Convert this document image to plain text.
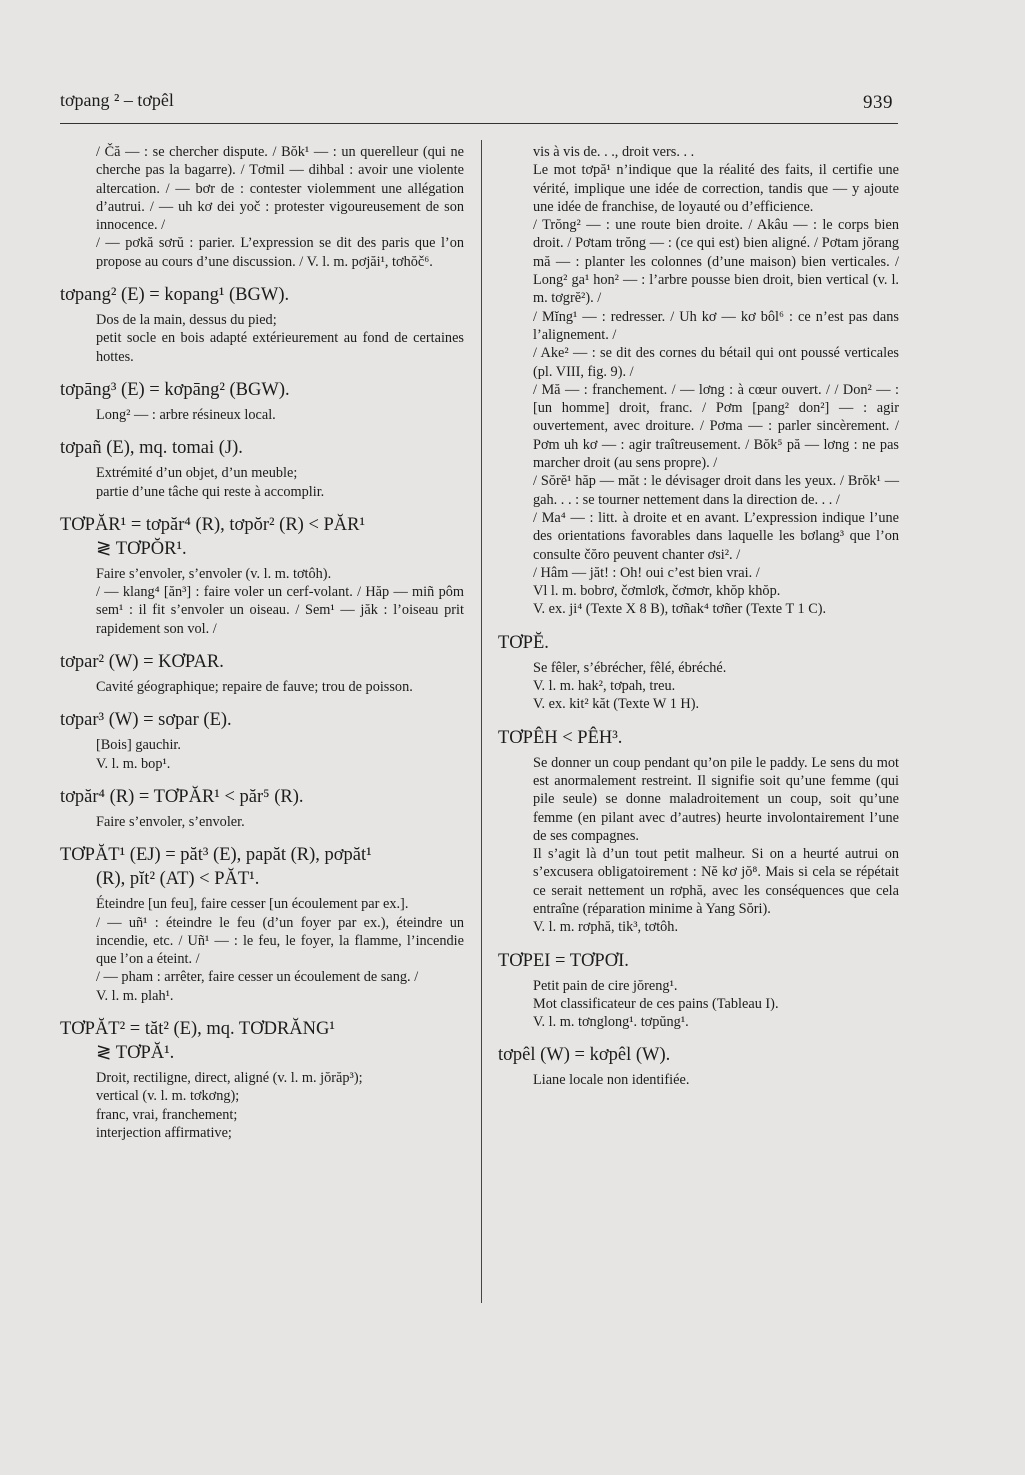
tơpang ² – tơpêl	939

/ Čă — : se chercher dispute. / Bŏk¹ — : un querelleur (qui ne cherche pas la bagarre). / Tơmil — dihbal : avoir une violente altercation. / — bơr de : contester violemment une allégation d’autrui. / — uh kơ dei yoč : protester vigoureusement de son innocence. /

/ — pơkă sơrŭ : parier. L’expression se dit des paris que l’on propose au cours d’une discussion. / V. l. m. pơjăi¹, tơhŏč⁶.

tơpang² (E) = kopang¹ (BGW).

Dos de la main, dessus du pied;

petit socle en bois adapté extérieurement au fond de certaines hottes.

tơpāng³ (E) = kơpāng² (BGW).

Long² — : arbre résineux local.

tơpañ (E), mq. tomai (J).

Extrémité d’un objet, d’un meuble;

partie d’une tâche qui reste à accomplir.

TƠPĂR¹ = tơpăr⁴ (R), tơpŏr² (R) < PĂR¹
≷ TƠPŎR¹.

Faire s’envoler, s’envoler (v. l. m. tơtôh).

/ — klang⁴ [ăn³] : faire voler un cerf-volant. / Hăp — miñ pôm sem¹ : il fit s’envoler un oiseau. / Sem¹ — jăk : l’oiseau prit rapidement son vol. /

tơpar² (W) = KƠPAR.

Cavité géographique; repaire de fauve; trou de poisson.

tơpar³ (W) = sơpar (E).

[Bois] gauchir.

V. l. m. bop¹.

tơpăr⁴ (R) = TƠPĂR¹ < păr⁵ (R).

Faire s’envoler, s’envoler.

TƠPĂT¹ (EJ) = păt³ (E), papăt (R), pơpăt¹
(R), pĭt² (AT) < PĂT¹.

Éteindre [un feu], faire cesser [un écoulement par ex.].

/ — uñ¹ : éteindre le feu (d’un foyer par ex.), éteindre un incendie, etc. / Uñ¹ — : le feu, le foyer, la flamme, l’incendie que l’on a éteint. /

/ — pham : arrêter, faire cesser un écoulement de sang. /

V. l. m. plah¹.

TƠPĂT² = tăt² (E), mq. TƠDRĂNG¹
≷ TƠPĂ¹.

Droit, rectiligne, direct, aligné (v. l. m. jŏrăp³);

vertical (v. l. m. tơkơng);

franc, vrai, franchement;

interjection affirmative;

vis à vis de. . ., droit vers. . .

Le mot tơpă¹ n’indique que la réalité des faits, il certifie une vérité, implique une idée de correction, tandis que — y ajoute une idée de franchise, de loyauté ou d’efficience.

/ Trŏng² — : une route bien droite. / Akâu — : le corps bien droit. / Pơtam trŏng — : (ce qui est) bien aligné. / Pơtam jŏrang mă — : planter les colonnes (d’une maison) bien verticales. / Long² ga¹ hon² — : l’arbre pousse bien droit, bien vertical (v. l. m. tơgrĕ²). /

/ Mĭng¹ — : redresser. / Uh kơ — kơ bôl⁶ : ce n’est pas dans l’alignement. /

/ Ake² — : se dit des cornes du bétail qui ont poussé verticales (pl. VIII, fig. 9). /

/ Mă — : franchement. / — lơng : à cœur ouvert. / / Don² — : [un homme] droit, franc. / Pơm [pang² don²] — : agir ouvertement, avec droiture. / Pơma — : parler sincèrement. / Pơm uh kơ — : agir traîtreusement. / Bŏk⁵ pă — lơng : ne pas marcher droit (au sens propre). /

/ Sŏrĕ¹ hăp — măt : le dévisager droit dans les yeux. / Brŏk¹ — gah. . . : se tourner nettement dans la direction de. . . /

/ Ma⁴ — : litt. à droite et en avant. L’expression indique l’une des orientations favorables dans laquelle les bơlang³ que l’on consulte čŏro peuvent chanter ơsi². /

/ Hâm — jăt! : Oh! oui c’est bien vrai. /

Vl l. m. bobrơ, čơmlơk, čơmơr, khŏp khŏp.

V. ex. ji⁴ (Texte X 8 B), tơñak⁴ tơñer (Texte T 1 C).

TƠPĔ.

Se fêler, s’ébrécher, fêlé, ébréché.

V. l. m. hak², tơpah, treu.

V. ex. kit² kăt (Texte W 1 H).

TƠPÊH < PÊH³.

Se donner un coup pendant qu’on pile le paddy. Le sens du mot est anormalement restreint. Il signifie soit qu’une femme (qui pile seule) se donne maladroitement un coup, soit qu’une femme (en pilant avec d’autres) heurte involontairement l’une de ses compagnes.

Il s’agit là d’un tout petit malheur. Si on a heurté autrui on s’excusera obligatoirement : Nĕ kơ jŏ⁸. Mais si cela se répétait ce serait nettement un rơphă, avec les conséquences que cela entraîne (réparation minime à Yang Sŏri).

V. l. m. rơphă, tik³, tơtôh.

TƠPEI = TƠPƠI.

Petit pain de cire jŏreng¹.

Mot classificateur de ces pains (Tableau I).

V. l. m. tơnglong¹. tơpŭng¹.

tơpêl (W) = kơpêl (W).

Liane locale non identifiée.
